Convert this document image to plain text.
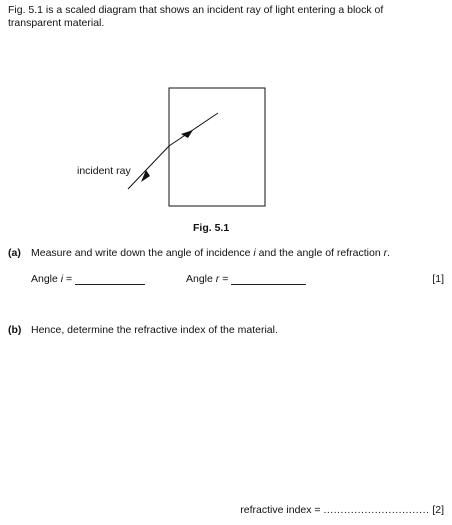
Fig. 5.1 is a scaled diagram that shows an incident ray of light entering a block of transparent material.
incident ray
Fig. 5.1
(a) Measure and write down the angle of incidence i and the angle of refraction r.
Angle i =	Angle r =	[1]
(b) Hence, determine the refractive index of the material.
refractive index = ............................... [2]
